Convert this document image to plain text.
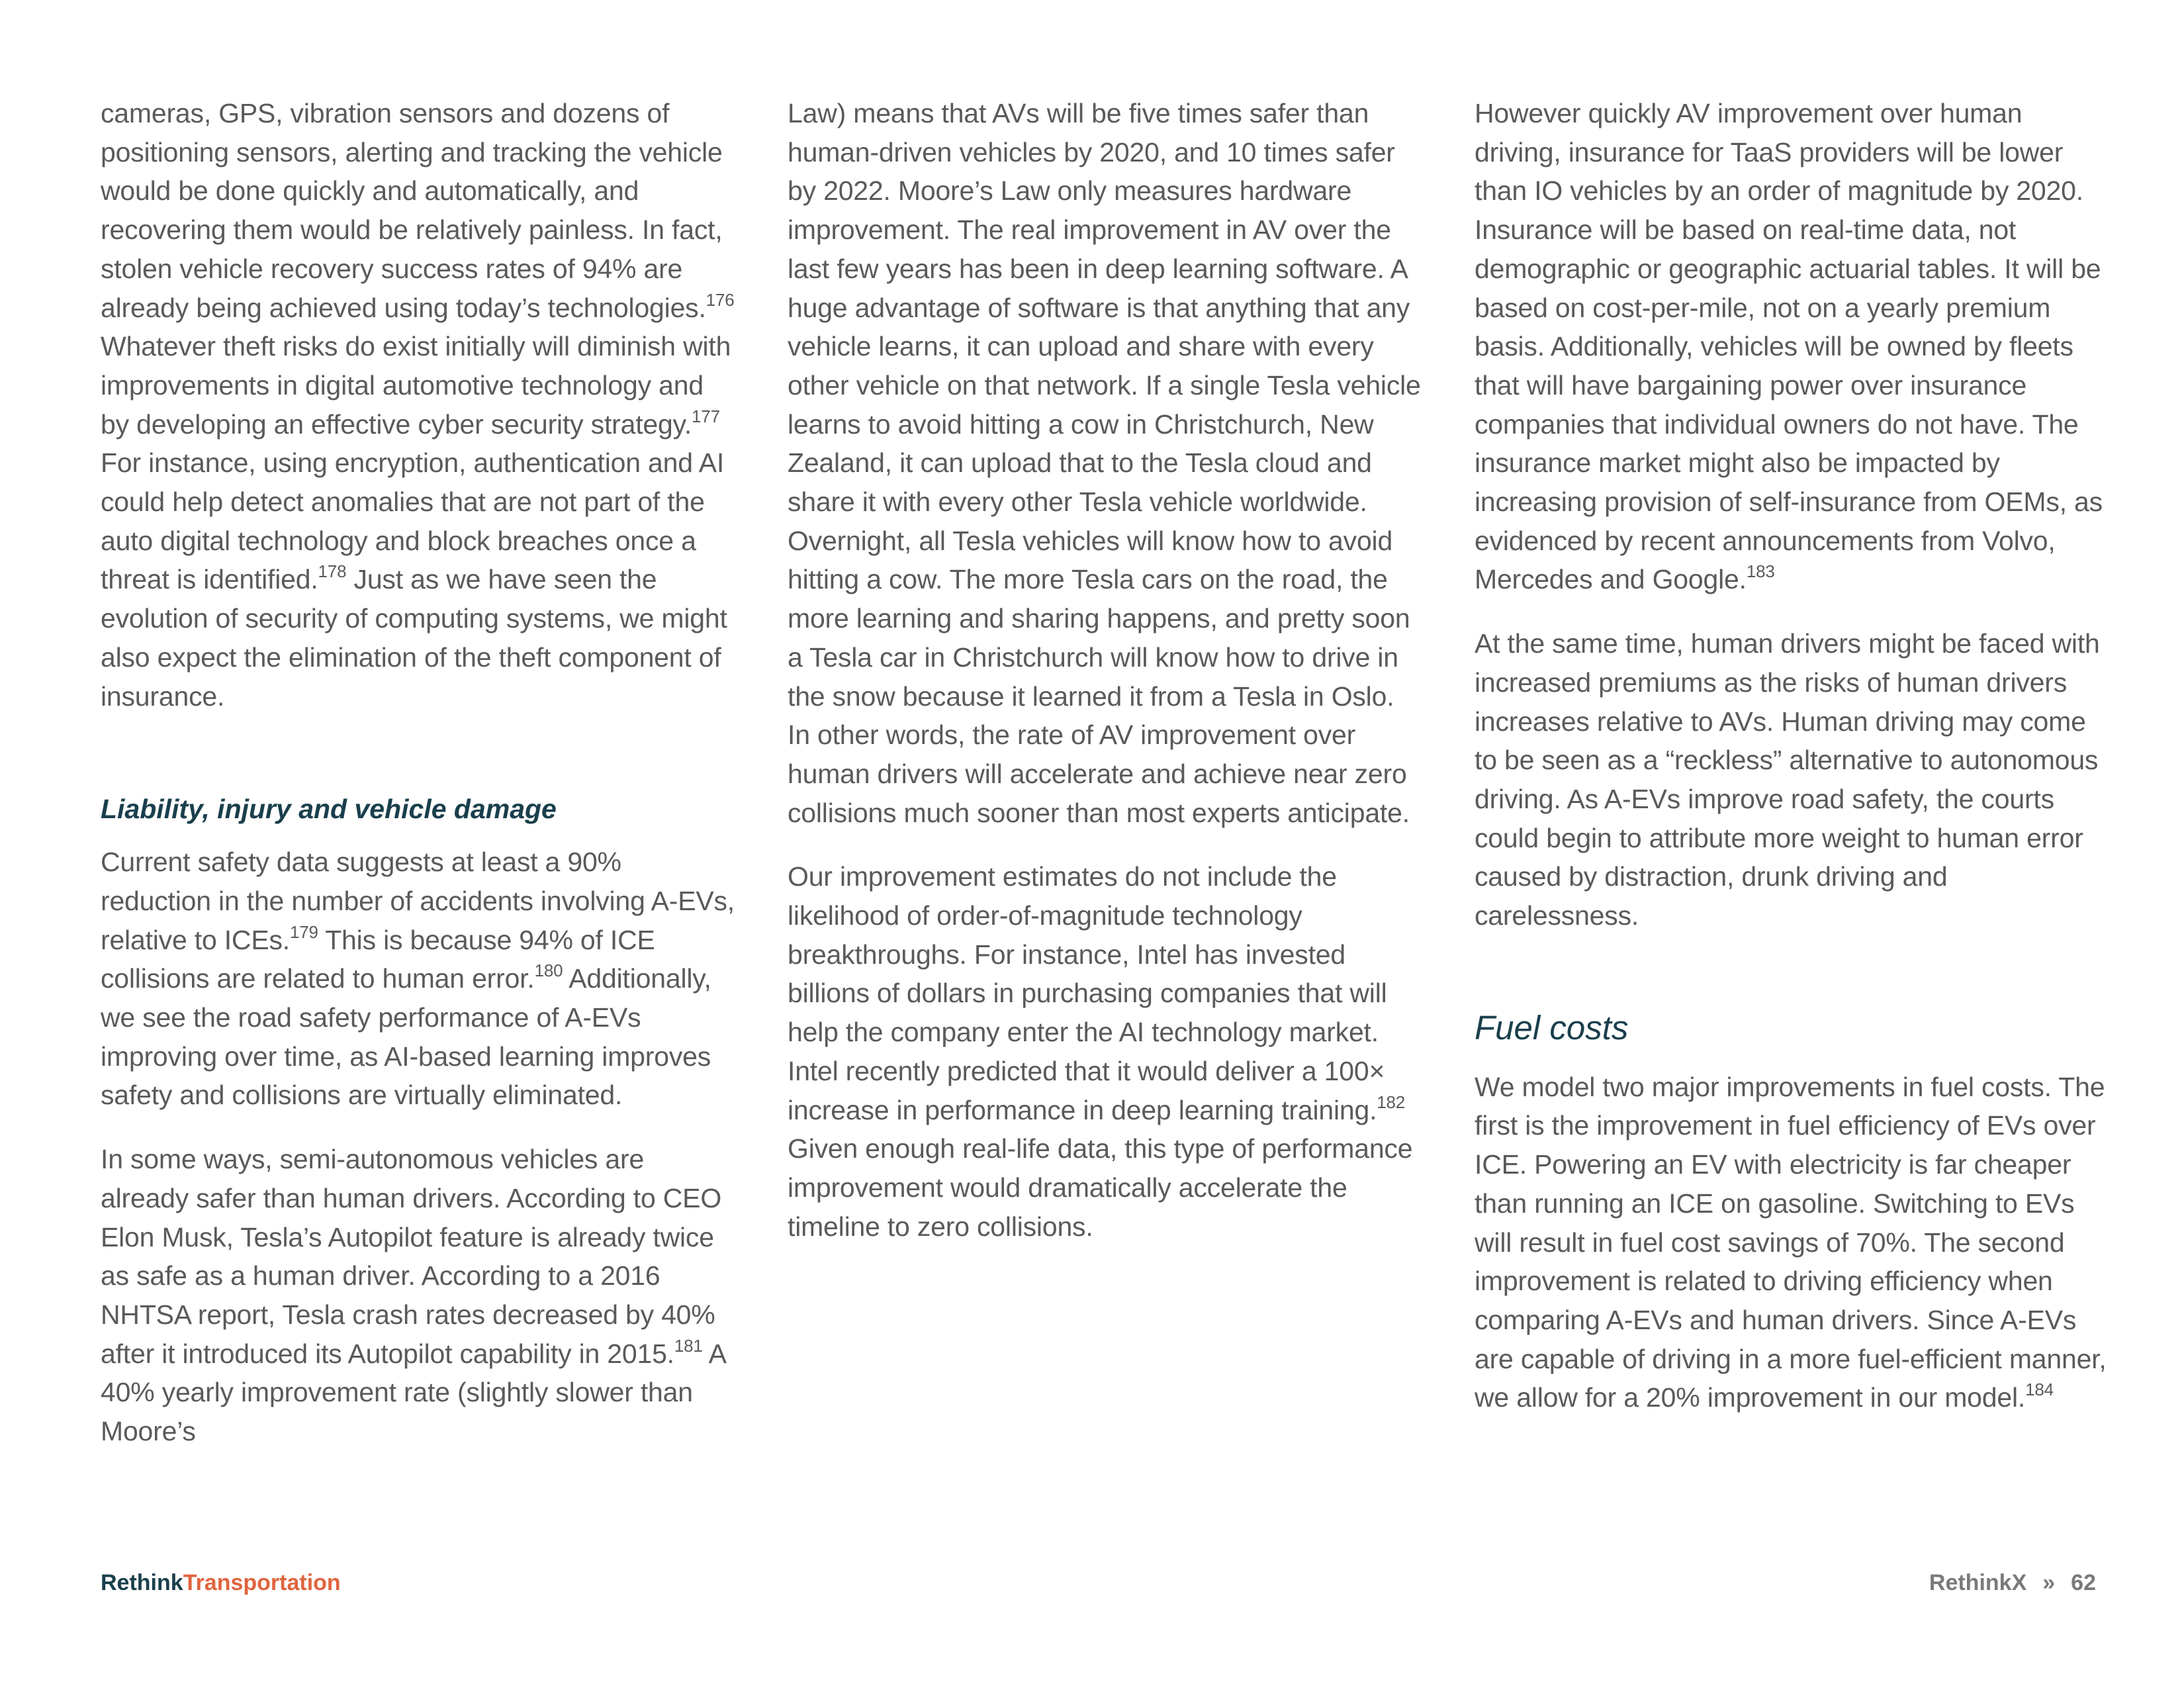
cameras, GPS, vibration sensors and dozens of positioning sensors, alerting and tracking the vehicle would be done quickly and automatically, and recovering them would be relatively painless. In fact, stolen vehicle recovery success rates of 94% are already being achieved using today’s technologies.$^{176}$ Whatever theft risks do exist initially will diminish with improvements in digital automotive technology and by developing an effective cyber security strategy.$^{177}$ For instance, using encryption, authentication and AI could help detect anomalies that are not part of the auto digital technology and block breaches once a threat is identified.$^{178}$ Just as we have seen the evolution of security of computing systems, we might also expect the elimination of the theft component of insurance.

Liability, injury and vehicle damage

Current safety data suggests at least a 90% reduction in the number of accidents involving A-EVs, relative to ICEs.$^{179}$ This is because 94% of ICE collisions are related to human error.$^{180}$ Additionally, we see the road safety performance of A-EVs improving over time, as AI-based learning improves safety and collisions are virtually eliminated.

In some ways, semi-autonomous vehicles are already safer than human drivers. According to CEO Elon Musk, Tesla’s Autopilot feature is already twice as safe as a human driver. According to a 2016 NHTSA report, Tesla crash rates decreased by 40% after it introduced its Autopilot capability in 2015.$^{181}$ A 40% yearly improvement rate (slightly slower than Moore’s

Law) means that AVs will be five times safer than human-driven vehicles by 2020, and 10 times safer by 2022. Moore’s Law only measures hardware improvement. The real improvement in AV over the last few years has been in deep learning software. A huge advantage of software is that anything that any vehicle learns, it can upload and share with every other vehicle on that network. If a single Tesla vehicle learns to avoid hitting a cow in Christchurch, New Zealand, it can upload that to the Tesla cloud and share it with every other Tesla vehicle worldwide. Overnight, all Tesla vehicles will know how to avoid hitting a cow. The more Tesla cars on the road, the more learning and sharing happens, and pretty soon a Tesla car in Christchurch will know how to drive in the snow because it learned it from a Tesla in Oslo. In other words, the rate of AV improvement over human drivers will accelerate and achieve near zero collisions much sooner than most experts anticipate.

Our improvement estimates do not include the likelihood of order-of-magnitude technology breakthroughs. For instance, Intel has invested billions of dollars in purchasing companies that will help the company enter the AI technology market. Intel recently predicted that it would deliver a 100× increase in performance in deep learning training.$^{182}$ Given enough real-life data, this type of performance improvement would dramatically accelerate the timeline to zero collisions.

However quickly AV improvement over human driving, insurance for TaaS providers will be lower than IO vehicles by an order of magnitude by 2020. Insurance will be based on real-time data, not demographic or geographic actuarial tables. It will be based on cost-per-mile, not on a yearly premium basis. Additionally, vehicles will be owned by fleets that will have bargaining power over insurance companies that individual owners do not have. The insurance market might also be impacted by increasing provision of self-insurance from OEMs, as evidenced by recent announcements from Volvo, Mercedes and Google.$^{183}$

At the same time, human drivers might be faced with increased premiums as the risks of human drivers increases relative to AVs. Human driving may come to be seen as a “reckless” alternative to autonomous driving. As A-EVs improve road safety, the courts could begin to attribute more weight to human error caused by distraction, drunk driving and carelessness.

Fuel costs

We model two major improvements in fuel costs. The first is the improvement in fuel efficiency of EVs over ICE. Powering an EV with electricity is far cheaper than running an ICE on gasoline. Switching to EVs will result in fuel cost savings of 70%. The second improvement is related to driving efficiency when comparing A-EVs and human drivers. Since A-EVs are capable of driving in a more fuel-efficient manner, we allow for a 20% improvement in our model.$^{184}$

RethinkTransportation	RethinkX » 62
